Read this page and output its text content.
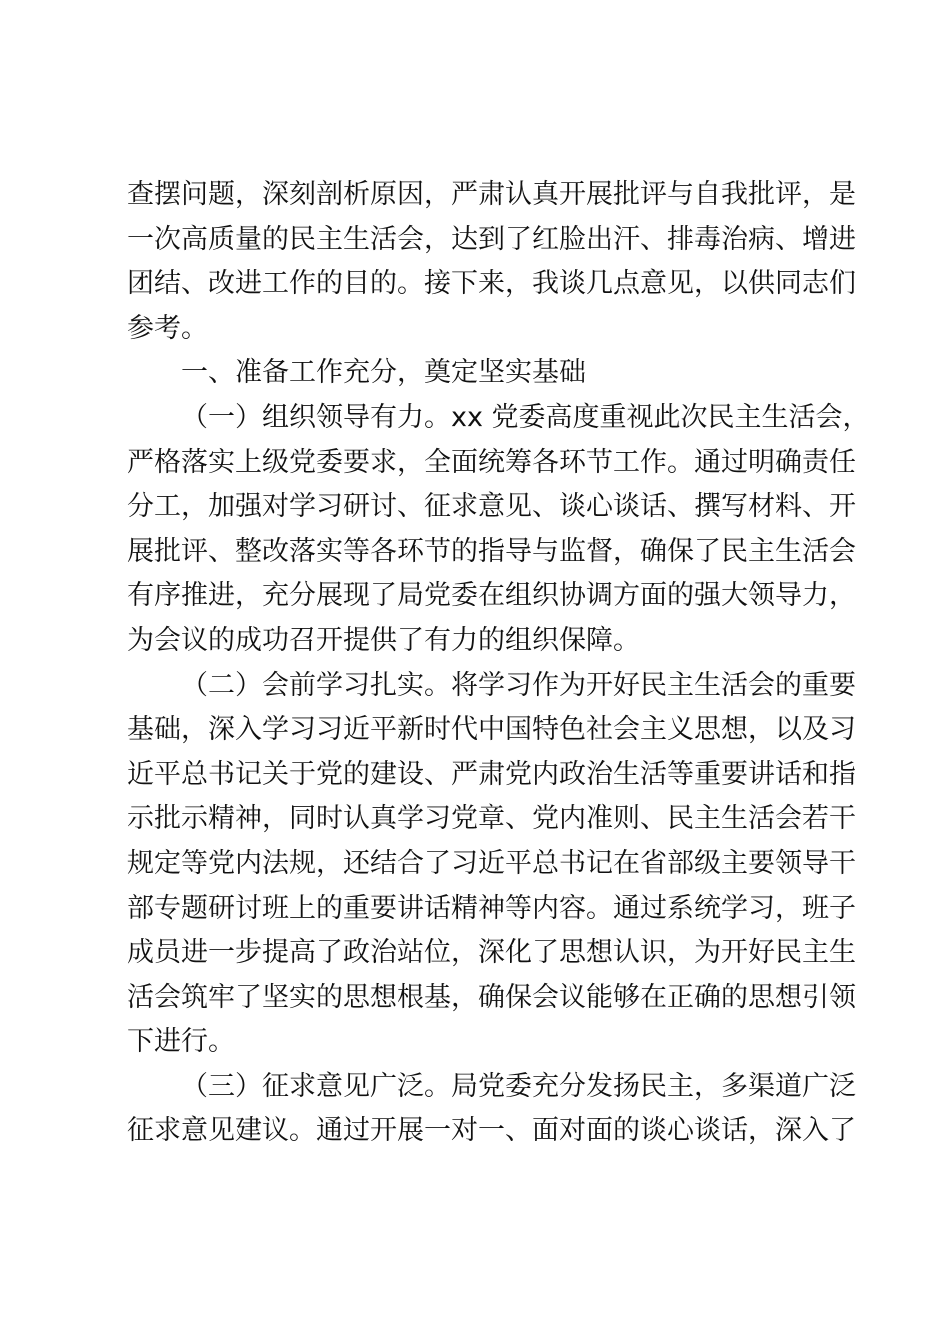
查摆问题，深刻剖析原因，严肃认真开展批评与自我批评，是
一次高质量的民主生活会，达到了红脸出汗、排毒治病、增进
团结、改进工作的目的。接下来，我谈几点意见，以供同志们
参考。
一、准备工作充分，奠定坚实基础
（一）组织领导有力。xx 党委高度重视此次民主生活会，
严格落实上级党委要求，全面统筹各环节工作。通过明确责任
分工，加强对学习研讨、征求意见、谈心谈话、撰写材料、开
展批评、整改落实等各环节的指导与监督，确保了民主生活会
有序推进，充分展现了局党委在组织协调方面的强大领导力，
为会议的成功召开提供了有力的组织保障。
（二）会前学习扎实。将学习作为开好民主生活会的重要
基础，深入学习习近平新时代中国特色社会主义思想，以及习
近平总书记关于党的建设、严肃党内政治生活等重要讲话和指
示批示精神，同时认真学习党章、党内准则、民主生活会若干
规定等党内法规，还结合了习近平总书记在省部级主要领导干
部专题研讨班上的重要讲话精神等内容。通过系统学习，班子
成员进一步提高了政治站位，深化了思想认识，为开好民主生
活会筑牢了坚实的思想根基，确保会议能够在正确的思想引领
下进行。
（三）征求意见广泛。局党委充分发扬民主，多渠道广泛
征求意见建议。通过开展一对一、面对面的谈心谈话，深入了
